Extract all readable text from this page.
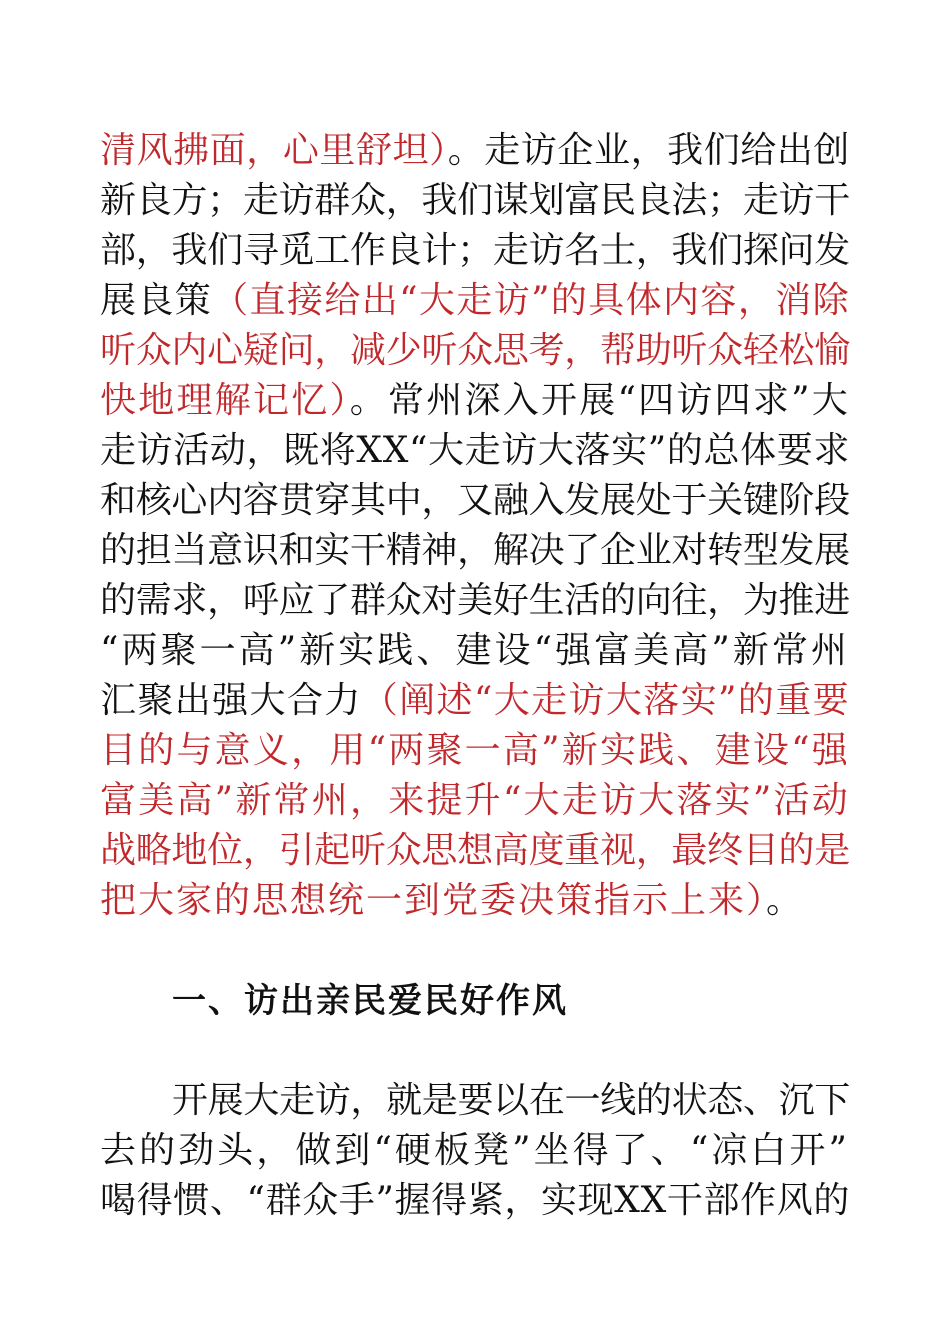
清风拂面，心里舒坦）。走访企业，我们给出创
新良方；走访群众，我们谋划富民良法；走访干
部，我们寻觅工作良计；走访名士，我们探问发
展良策（直接给出“大走访”的具体内容，消除
听众内心疑问，减少听众思考，帮助听众轻松愉
快地理解记忆）。常州深入开展“四访四求”大
走访活动，既将XX“大走访大落实”的总体要求
和核心内容贯穿其中，又融入发展处于关键阶段
的担当意识和实干精神，解决了企业对转型发展
的需求，呼应了群众对美好生活的向往，为推进
“两聚一高”新实践、建设“强富美高”新常州
汇聚出强大合力（阐述“大走访大落实”的重要
目的与意义，用“两聚一高”新实践、建设“强
富美高”新常州，来提升“大走访大落实”活动
战略地位，引起听众思想高度重视，最终目的是
把大家的思想统一到党委决策指示上来）。
一、访出亲民爱民好作风
开展大走访，就是要以在一线的状态、沉下
去的劲头，做到“硬板凳”坐得了、“凉白开”
喝得惯、“群众手”握得紧，实现XX干部作风的
